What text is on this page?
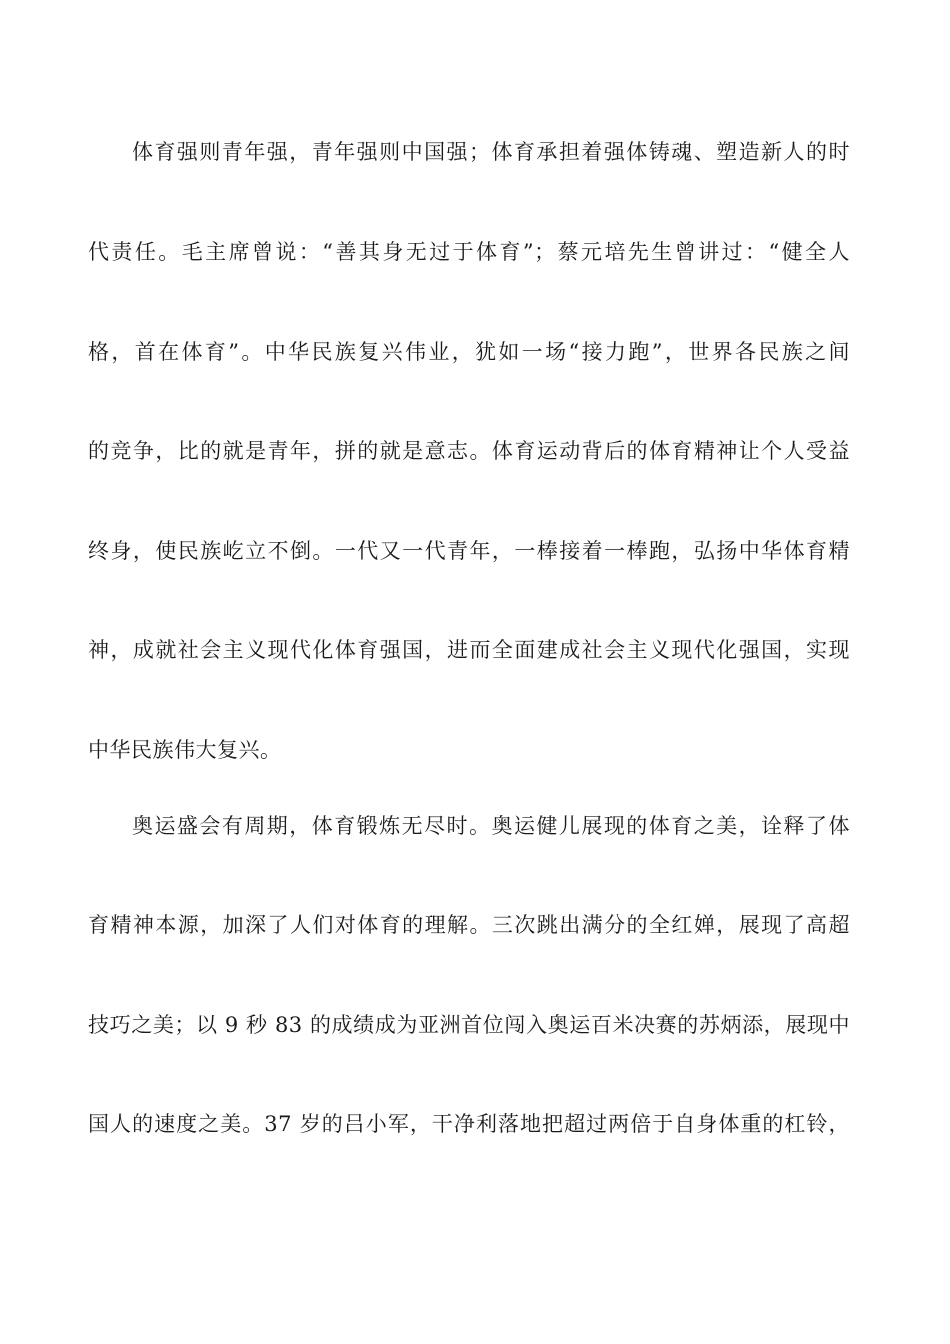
体育强则青年强，青年强则中国强；体育承担着强体铸魂、塑造新人的时
代责任。毛主席曾说：“善其身无过于体育”；蔡元培先生曾讲过：“健全人
格，首在体育”。中华民族复兴伟业，犹如一场“接力跑”，世界各民族之间
的竞争，比的就是青年，拼的就是意志。体育运动背后的体育精神让个人受益
终身，使民族屹立不倒。一代又一代青年，一棒接着一棒跑，弘扬中华体育精
神，成就社会主义现代化体育强国，进而全面建成社会主义现代化强国，实现
中华民族伟大复兴。
奥运盛会有周期，体育锻炼无尽时。奥运健儿展现的体育之美，诠释了体
育精神本源，加深了人们对体育的理解。三次跳出满分的全红婵，展现了高超
技巧之美；以 9 秒 83 的成绩成为亚洲首位闯入奥运百米决赛的苏炳添，展现中
国人的速度之美。37 岁的吕小军，干净利落地把超过两倍于自身体重的杠铃，
